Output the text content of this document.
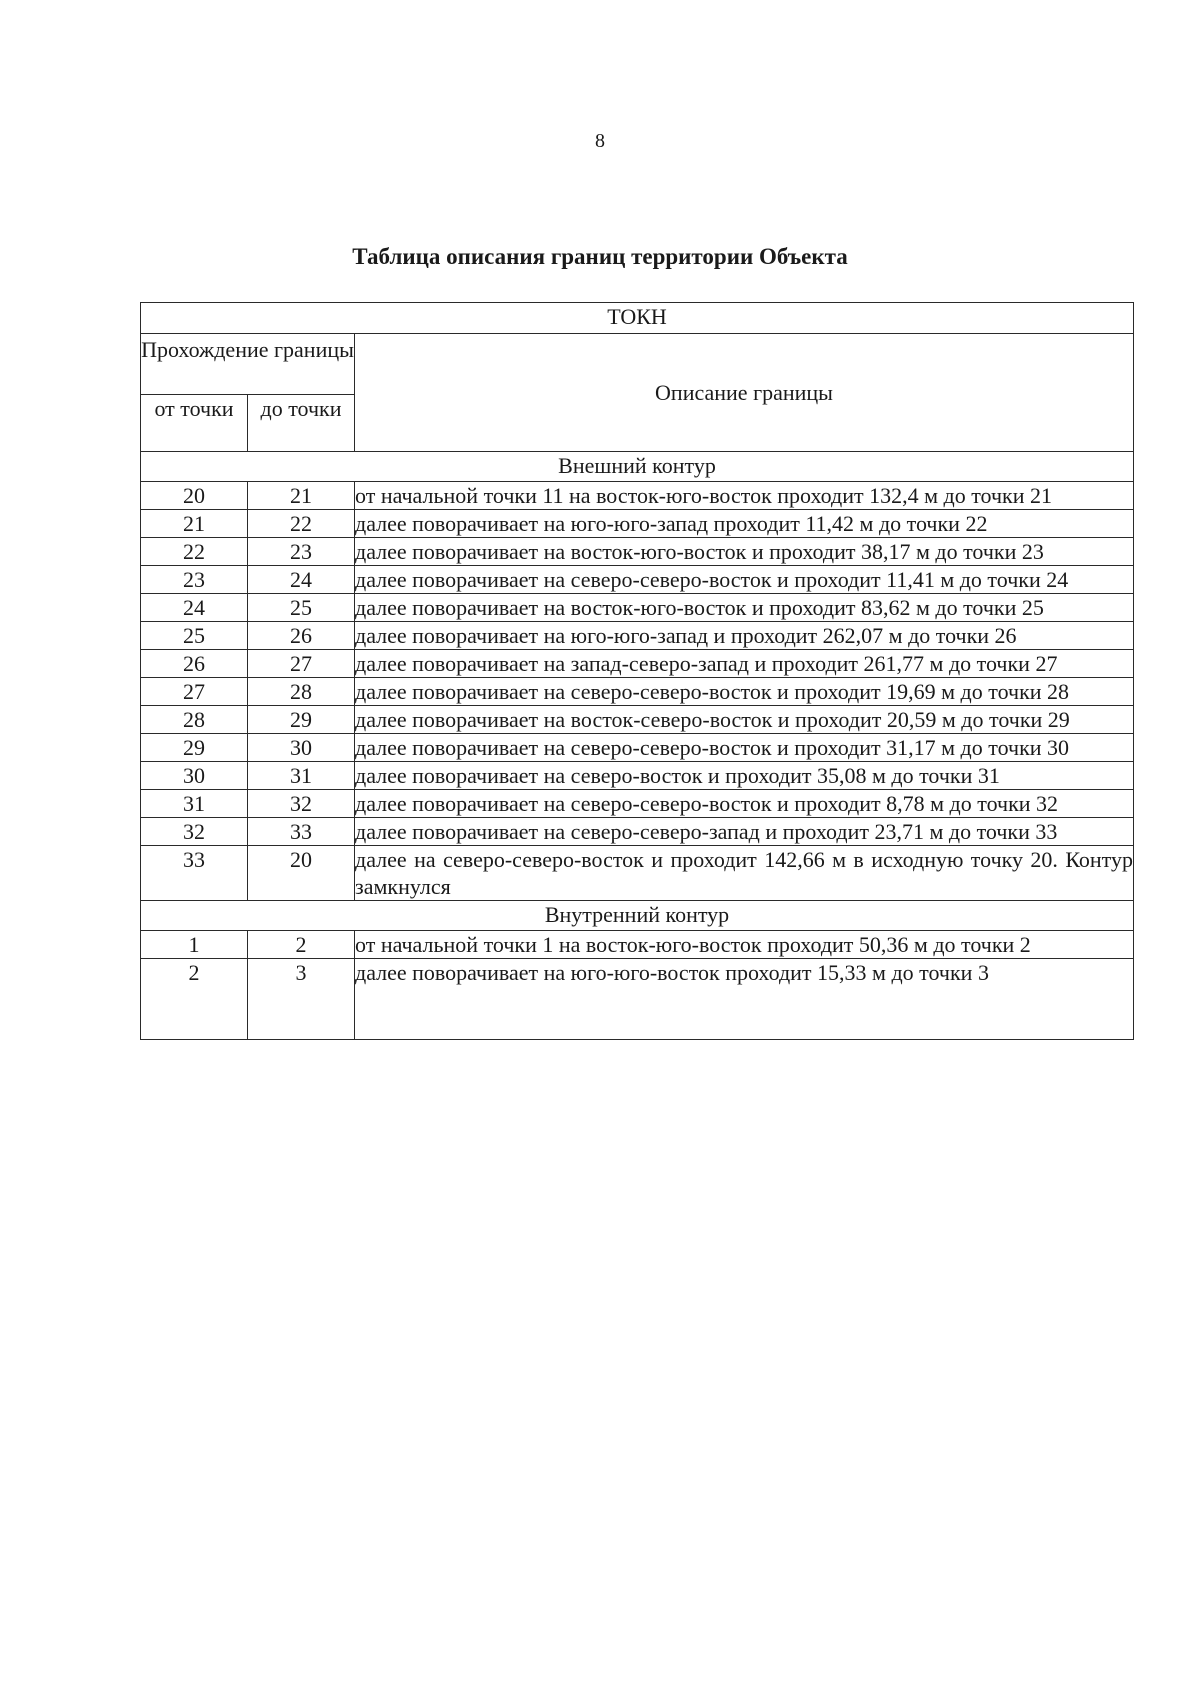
8
Таблица описания границ территории Объекта
ТОКН		
Прохождение границы		Описание границы
от точки	до точки	
Внешний контур		
20	21	от начальной точки 11 на восток-юго-восток проходит 132,4 м до точки 21
21	22	далее поворачивает на юго-юго-запад проходит 11,42 м до точки 22
22	23	далее поворачивает на восток-юго-восток и проходит 38,17 м до точки 23
23	24	далее поворачивает на северо-северо-восток и проходит 11,41 м до точки 24
24	25	далее поворачивает на восток-юго-восток и проходит 83,62 м до точки 25
25	26	далее поворачивает на юго-юго-запад и проходит 262,07 м до точки 26
26	27	далее поворачивает на запад-северо-запад и проходит 261,77 м до точки 27
27	28	далее поворачивает на северо-северо-восток и проходит 19,69 м до точки 28
28	29	далее поворачивает на восток-северо-восток и проходит 20,59 м до точки 29
29	30	далее поворачивает на северо-северо-восток и проходит 31,17 м до точки 30
30	31	далее поворачивает на северо-восток и проходит 35,08 м до точки 31
31	32	далее поворачивает на северо-северо-восток и проходит 8,78 м до точки 32
32	33	далее поворачивает на северо-северо-запад и проходит 23,71 м до точки 33
33	20	далее на северо-северо-восток и проходит 142,66 м в исходную точку 20. Контур замкнулся
Внутренний контур		
1	2	от начальной точки 1 на восток-юго-восток проходит 50,36 м до точки 2
2	3	далее поворачивает на юго-юго-восток проходит 15,33 м до точки 3
